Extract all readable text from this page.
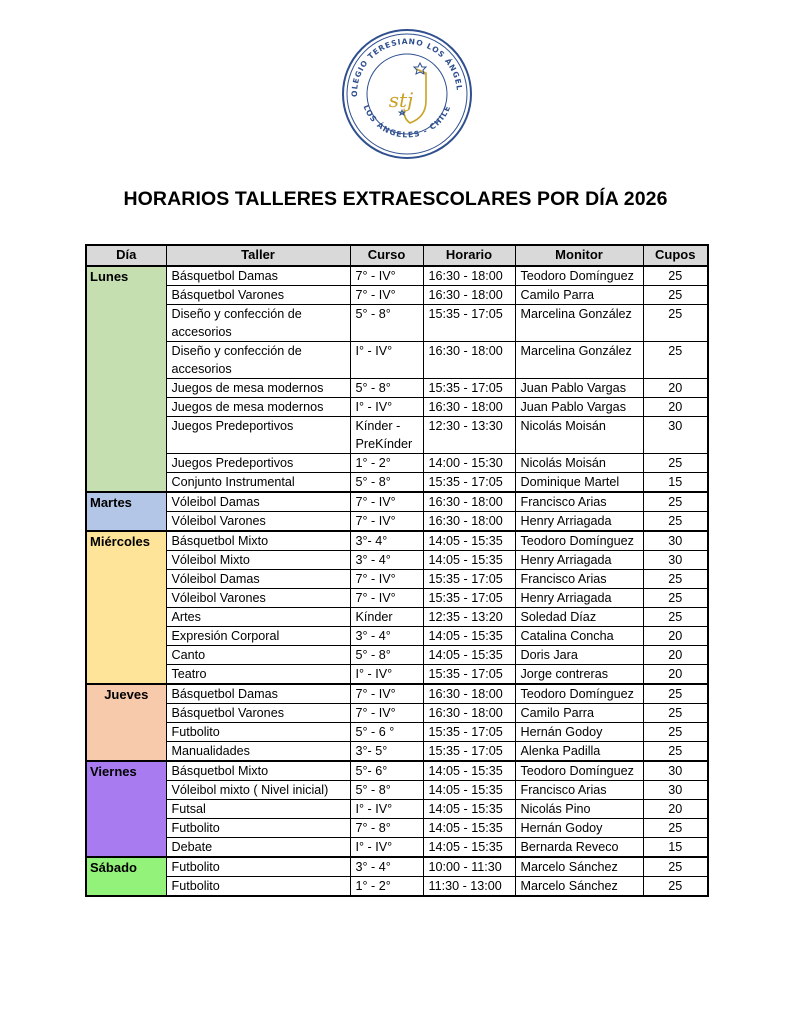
OLEGIO TERESIANO LOS ÁNGEL
LOS ÁNGELES - CHILE
stj
HORARIOS TALLERES EXTRAESCOLARES POR DÍA 2026
Día	Taller	Curso	Horario	Monitor	Cupos
Lunes	Básquetbol Damas	7° - IV°	16:30 - 18:00	Teodoro Domínguez	25
	Básquetbol Varones	7° - IV°	16:30 - 18:00	Camilo Parra	25
	Diseño y confección de accesorios	5° - 8°	15:35 - 17:05	Marcelina González	25
	Diseño y confección de accesorios	I° - IV°	16:30 - 18:00	Marcelina González	25
	Juegos de mesa modernos	5° - 8°	15:35 - 17:05	Juan Pablo Vargas	20
	Juegos de mesa modernos	I° - IV°	16:30 - 18:00	Juan Pablo Vargas	20
	Juegos Predeportivos	Kínder - PreKínder	12:30 - 13:30	Nicolás Moisán	30
	Juegos Predeportivos	1° - 2°	14:00 - 15:30	Nicolás Moisán	25
	Conjunto Instrumental	5° - 8°	15:35 - 17:05	Dominique Martel	15
Martes	Vóleibol Damas	7° - IV°	16:30 - 18:00	Francisco Arias	25
	Vóleibol Varones	7° - IV°	16:30 - 18:00	Henry Arriagada	25
Miércoles	Básquetbol Mixto	3°- 4°	14:05 - 15:35	Teodoro Domínguez	30
	Vóleibol Mixto	3° - 4°	14:05 - 15:35	Henry Arriagada	30
	Vóleibol Damas	7° - IV°	15:35 - 17:05	Francisco Arias	25
	Vóleibol Varones	7° - IV°	15:35 - 17:05	Henry Arriagada	25
	Artes	Kínder	12:35 - 13:20	Soledad Díaz	25
	Expresión Corporal	3° - 4°	14:05 - 15:35	Catalina Concha	20
	Canto	5° - 8°	14:05 - 15:35	Doris Jara	20
	Teatro	I° - IV°	15:35 - 17:05	Jorge contreras	20
Jueves	Básquetbol Damas	7° - IV°	16:30 - 18:00	Teodoro Domínguez	25
	Básquetbol Varones	7° - IV°	16:30 - 18:00	Camilo Parra	25
	Futbolito	5° - 6 °	15:35 - 17:05	Hernán Godoy	25
	Manualidades	3°- 5°	15:35 - 17:05	Alenka Padilla	25
Viernes	Básquetbol Mixto	5°- 6°	14:05 - 15:35	Teodoro Domínguez	30
	Vóleibol mixto ( Nivel inicial)	5° - 8°	14:05 - 15:35	Francisco Arias	30
	Futsal	I° - IV°	14:05 - 15:35	Nicolás Pino	20
	Futbolito	7° - 8°	14:05 - 15:35	Hernán Godoy	25
	Debate	I° - IV°	14:05 - 15:35	Bernarda Reveco	15
Sábado	Futbolito	3° - 4°	10:00 - 11:30	Marcelo Sánchez	25
	Futbolito	1° - 2°	11:30 - 13:00	Marcelo Sánchez	25
